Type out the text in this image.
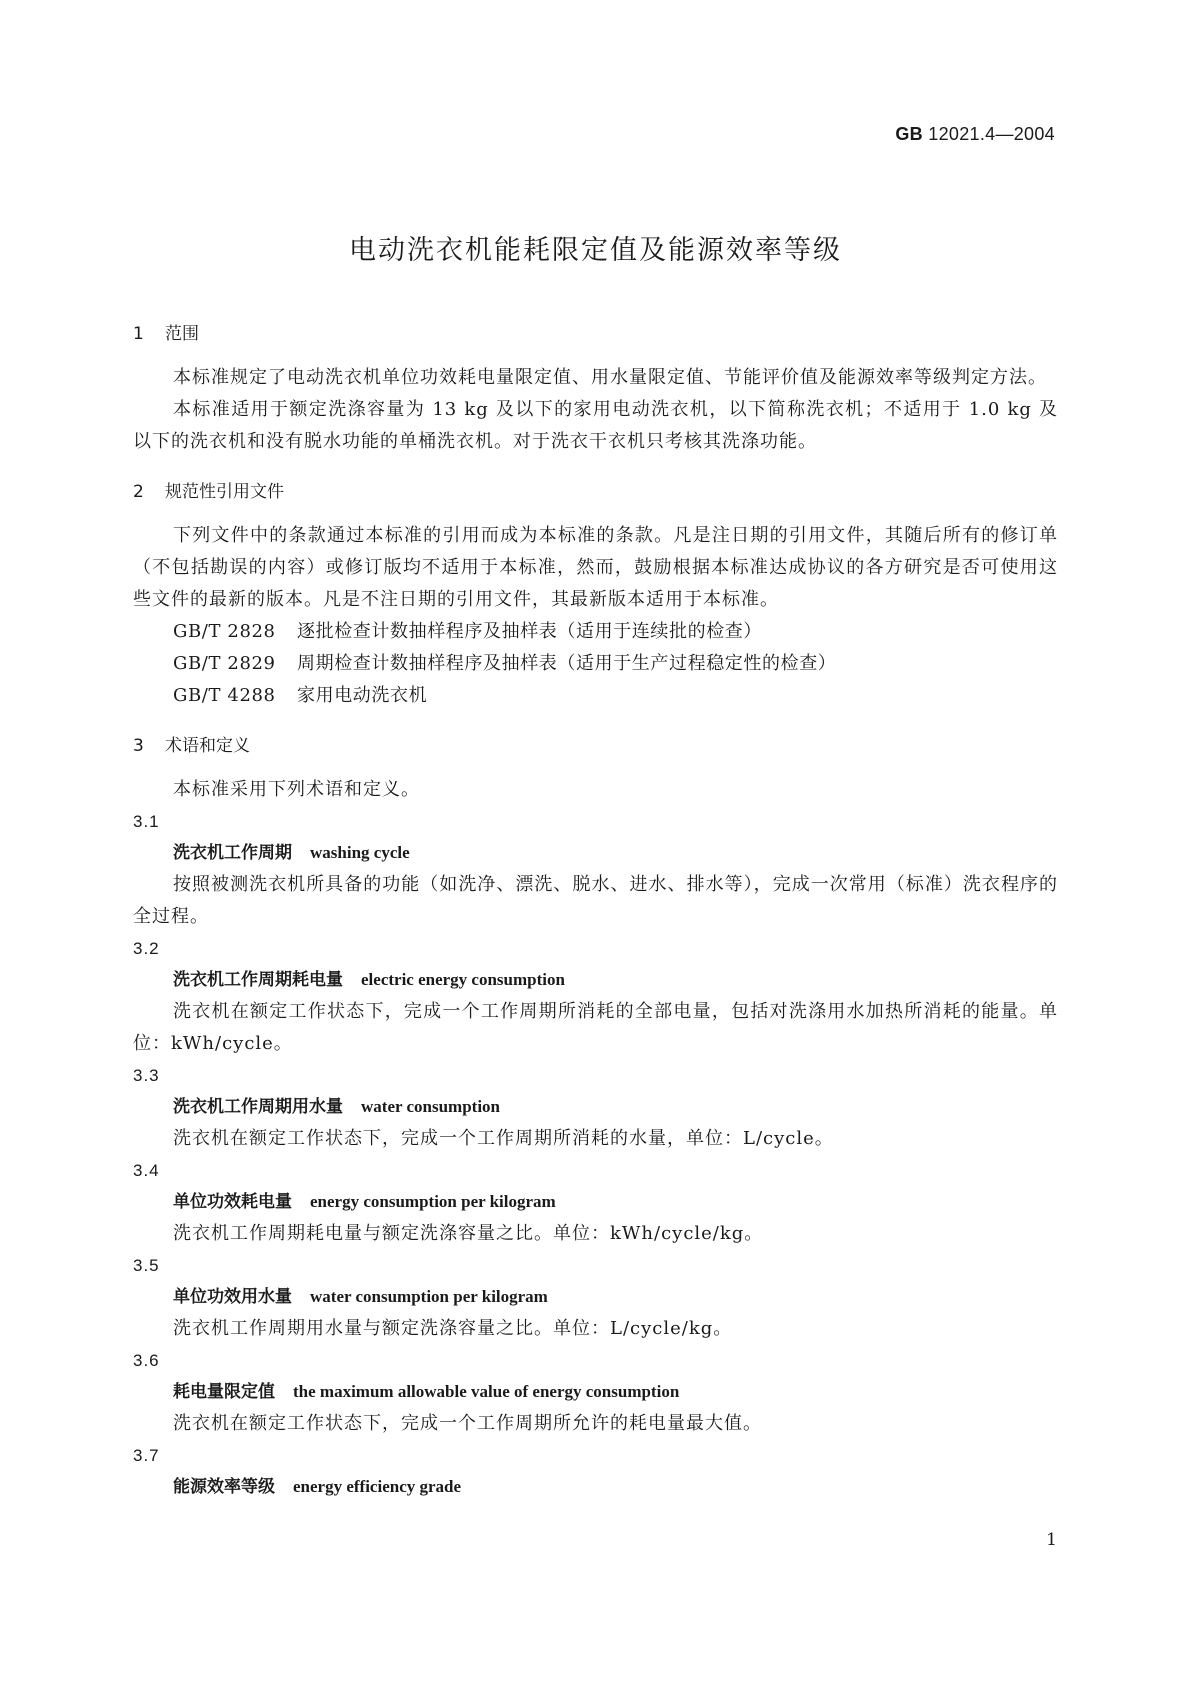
GB 12021.4—2004
电动洗衣机能耗限定值及能源效率等级
1 范围

本标准规定了电动洗衣机单位功效耗电量限定值、用水量限定值、节能评价值及能源效率等级判定方法。

本标准适用于额定洗涤容量为 13 kg 及以下的家用电动洗衣机，以下简称洗衣机；不适用于 1.0 kg 及以下的洗衣机和没有脱水功能的单桶洗衣机。对于洗衣干衣机只考核其洗涤功能。

2 规范性引用文件

下列文件中的条款通过本标准的引用而成为本标准的条款。凡是注日期的引用文件，其随后所有的修订单（不包括勘误的内容）或修订版均不适用于本标准，然而，鼓励根据本标准达成协议的各方研究是否可使用这些文件的最新的版本。凡是不注日期的引用文件，其最新版本适用于本标准。

GB/T 2828 逐批检查计数抽样程序及抽样表（适用于连续批的检查）
GB/T 2829 周期检查计数抽样程序及抽样表（适用于生产过程稳定性的检查）
GB/T 4288 家用电动洗衣机
3 术语和定义

本标准采用下列术语和定义。

3.1
洗衣机工作周期 washing cycle

按照被测洗衣机所具备的功能（如洗净、漂洗、脱水、进水、排水等），完成一次常用（标准）洗衣程序的全过程。

3.2
洗衣机工作周期耗电量 electric energy consumption

洗衣机在额定工作状态下，完成一个工作周期所消耗的全部电量，包括对洗涤用水加热所消耗的能量。单位：kWh/cycle。

3.3
洗衣机工作周期用水量 water consumption

洗衣机在额定工作状态下，完成一个工作周期所消耗的水量，单位：L/cycle。

3.4
单位功效耗电量 energy consumption per kilogram

洗衣机工作周期耗电量与额定洗涤容量之比。单位：kWh/cycle/kg。

3.5
单位功效用水量 water consumption per kilogram

洗衣机工作周期用水量与额定洗涤容量之比。单位：L/cycle/kg。

3.6
耗电量限定值 the maximum allowable value of energy consumption

洗衣机在额定工作状态下，完成一个工作周期所允许的耗电量最大值。

3.7
能源效率等级 energy efficiency grade
1
